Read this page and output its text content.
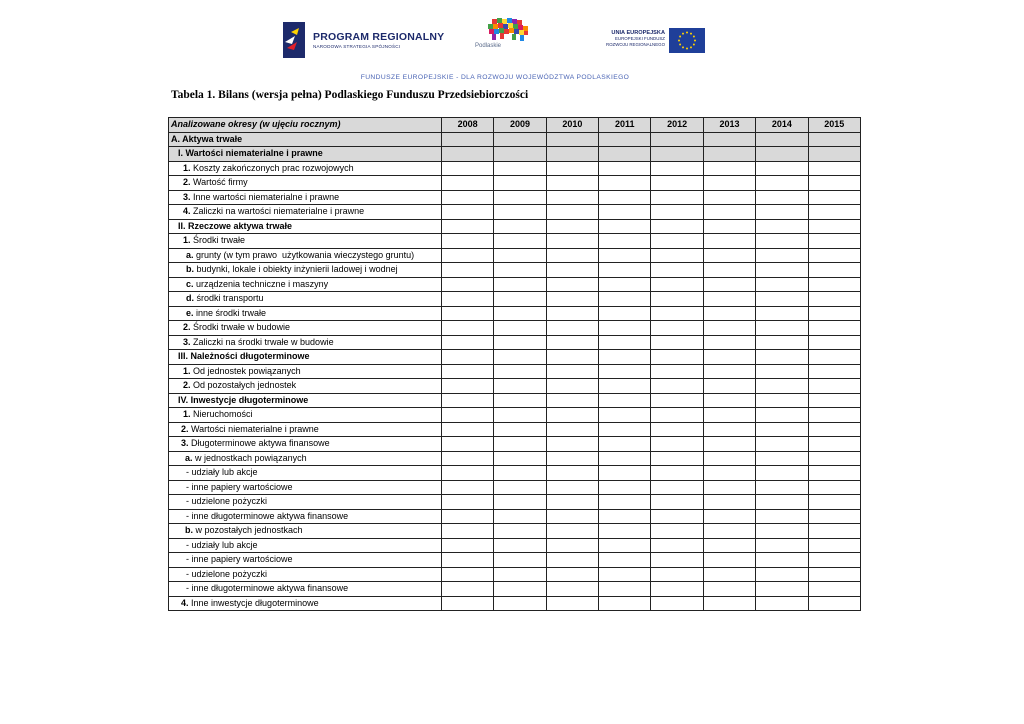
PROGRAM REGIONALNY
NARODOWA STRATEGIA SPÓJNOŚCI	Podlaskie
UNIA EUROPEJSKA
EUROPEJSKI FUNDUSZ
ROZWOJU REGIONALNEGO
FUNDUSZE EUROPEJSKIE - DLA ROZWOJU WOJEWÓDZTWA PODLASKIEGO
Tabela 1. Bilans (wersja pełna) Podlaskiego Funduszu Przedsiebiorczości
Analizowane okresy (w ujęciu rocznym)	2008	2009	2010	2011	2012	2013	2014	2015
A. Aktywa trwałe								
I. Wartości niematerialne i prawne								
1. Koszty zakończonych prac rozwojowych								
2. Wartość firmy								
3. Inne wartości niematerialne i prawne								
4. Zaliczki na wartości niematerialne i prawne								
II. Rzeczowe aktywa trwałe								
1. Środki trwałe								
a. grunty (w tym prawo  użytkowania wieczystego gruntu)								
b. budynki, lokale i obiekty inżynierii ladowej i wodnej								
c. urządzenia techniczne i maszyny								
d. środki transportu								
e. inne środki trwałe								
2. Środki trwałe w budowie								
3. Zaliczki na środki trwałe w budowie								
III. Należności długoterminowe								
1. Od jednostek powiązanych								
2. Od pozostałych jednostek								
IV. Inwestycje długoterminowe								
1. Nieruchomości								
2. Wartości niematerialne i prawne								
3. Długoterminowe aktywa finansowe								
a. w jednostkach powiązanych								
- udziały lub akcje								
- inne papiery wartościowe								
- udzielone pożyczki								
- inne długoterminowe aktywa finansowe								
b. w pozostałych jednostkach								
- udziały lub akcje								
- inne papiery wartościowe								
- udzielone pożyczki								
- inne długoterminowe aktywa finansowe								
4. Inne inwestycje długoterminowe								
